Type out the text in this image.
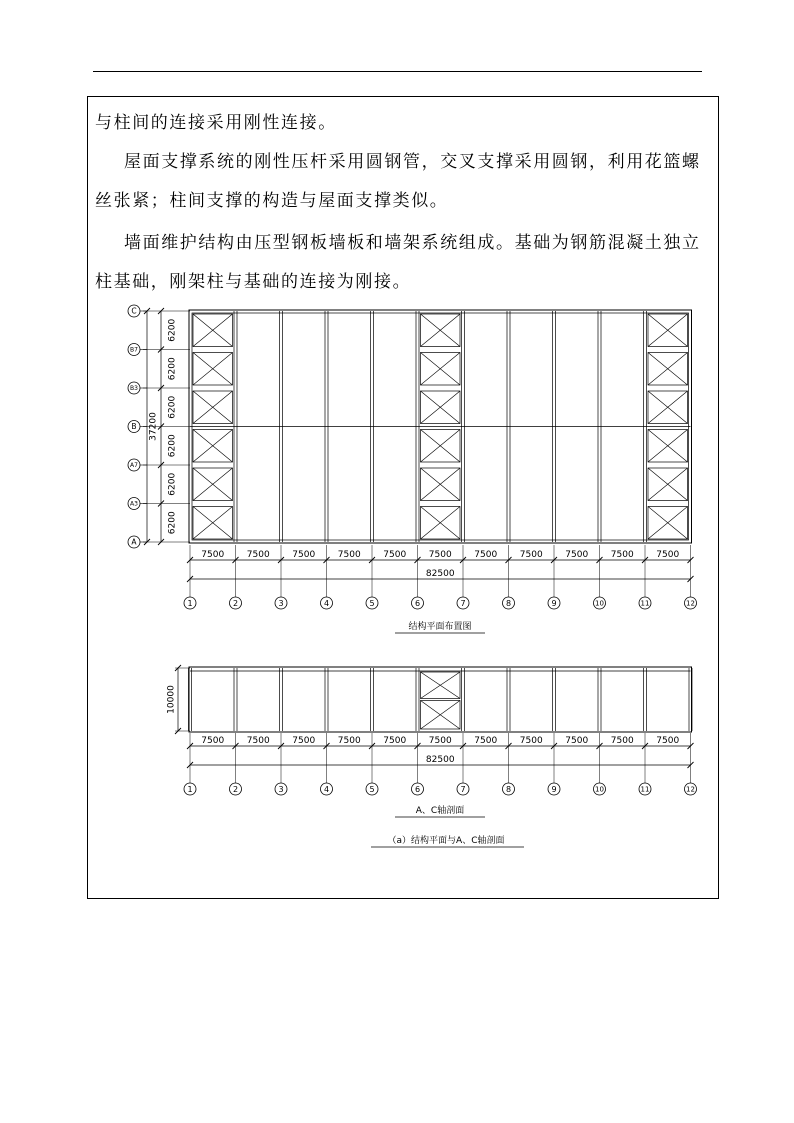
与柱间的连接采用刚性连接。
屋面支撑系统的刚性压杆采用圆钢管，交叉支撑采用圆钢，利用花篮螺
丝张紧；柱间支撑的构造与屋面支撑类似。
墙面维护结构由压型钢板墙板和墙架系统组成。基础为钢筋混凝土独立
柱基础，刚架柱与基础的连接为刚接。
6200
6200
6200
6200
6200
6200
37200
C
B7
B3
B
A7
A3
A
7500	7500	7500	7500	7500	7500	7500	7500	7500	7500	7500
82500
1	2	3	4	5	6	7	8	9	10	11	12
结构平面布置图
10000
7500	7500	7500	7500	7500	7500	7500	7500	7500	7500	7500
82500
1	2	3	4	5	6	7	8	9	10	11	12
A、C轴剖面
（a）结构平面与A、C轴剖面
